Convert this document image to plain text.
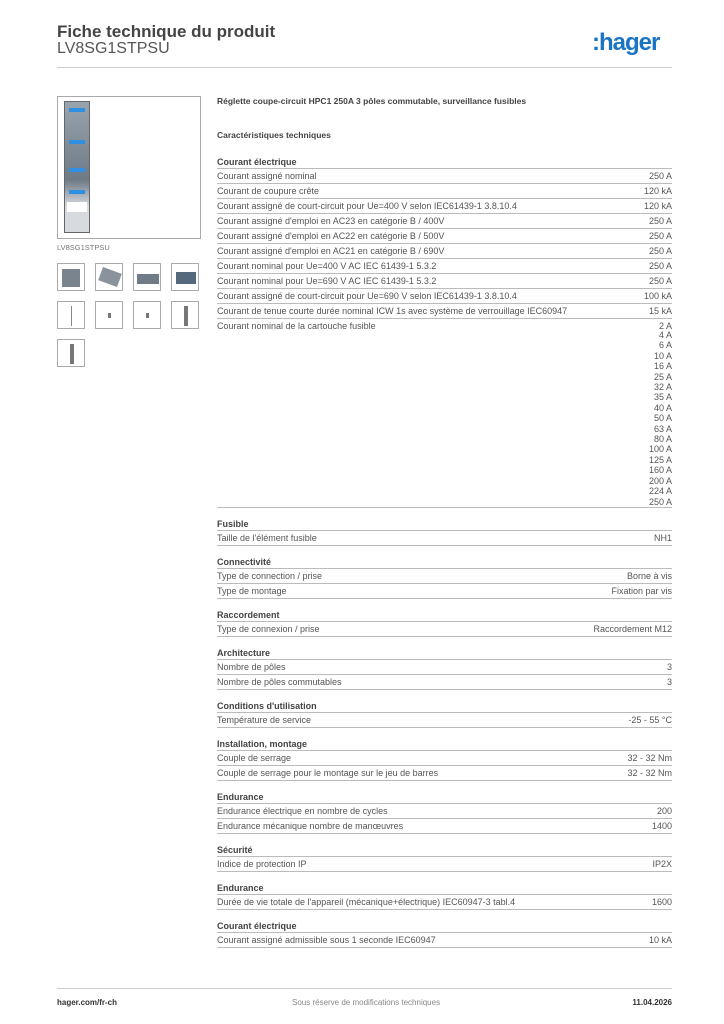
Fiche technique du produit
LV8SG1STPSU	:hager
LV8SG1STPSU
Réglette coupe-circuit HPC1 250A 3 pôles commutable, surveillance fusibles
Caractéristiques techniques
Courant électrique
Courant assigné nominal	250 A
Courant de coupure crête	120 kA
Courant assigné de court-circuit pour Ue=400 V selon IEC61439-1 3.8.10.4	120 kA
Courant assigné d'emploi en AC23 en catégorie B / 400V	250 A
Courant assigné d'emploi en AC22 en catégorie B / 500V	250 A
Courant assigné d'emploi en AC21 en catégorie B / 690V	250 A
Courant nominal pour Ue=400 V AC IEC 61439-1 5.3.2	250 A
Courant nominal pour Ue=690 V AC IEC 61439-1 5.3.2	250 A
Courant assigné de court-circuit pour Ue=690 V selon IEC61439-1 3.8.10.4	100 kA
Courant de tenue courte durée nominal ICW 1s avec système de verrouillage IEC60947	15 kA
Courant nominal de la cartouche fusible	2 A
4 A
6 A
10 A
16 A
25 A
32 A
35 A
40 A
50 A
63 A
80 A
100 A
125 A
160 A
200 A
224 A
250 A
Fusible
Taille de l'élément fusible	NH1
Connectivité
Type de connection / prise	Borne à vis
Type de montage	Fixation par vis
Raccordement
Type de connexion / prise	Raccordement M12
Architecture
Nombre de pôles	3
Nombre de pôles commutables	3
Conditions d'utilisation
Température de service	-25 - 55 °C
Installation, montage
Couple de serrage	32 - 32 Nm
Couple de serrage pour le montage sur le jeu de barres	32 - 32 Nm
Endurance
Endurance électrique en nombre de cycles	200
Endurance mécanique nombre de manœuvres	1400
Sécurité
Indice de protection IP	IP2X
Endurance
Durée de vie totale de l'appareil (mécanique+électrique) IEC60947-3 tabl.4	1600
Courant électrique
Courant assigné admissible sous 1 seconde IEC60947	10 kA
hager.com/fr-ch	Sous réserve de modifications techniques	11.04.2026
